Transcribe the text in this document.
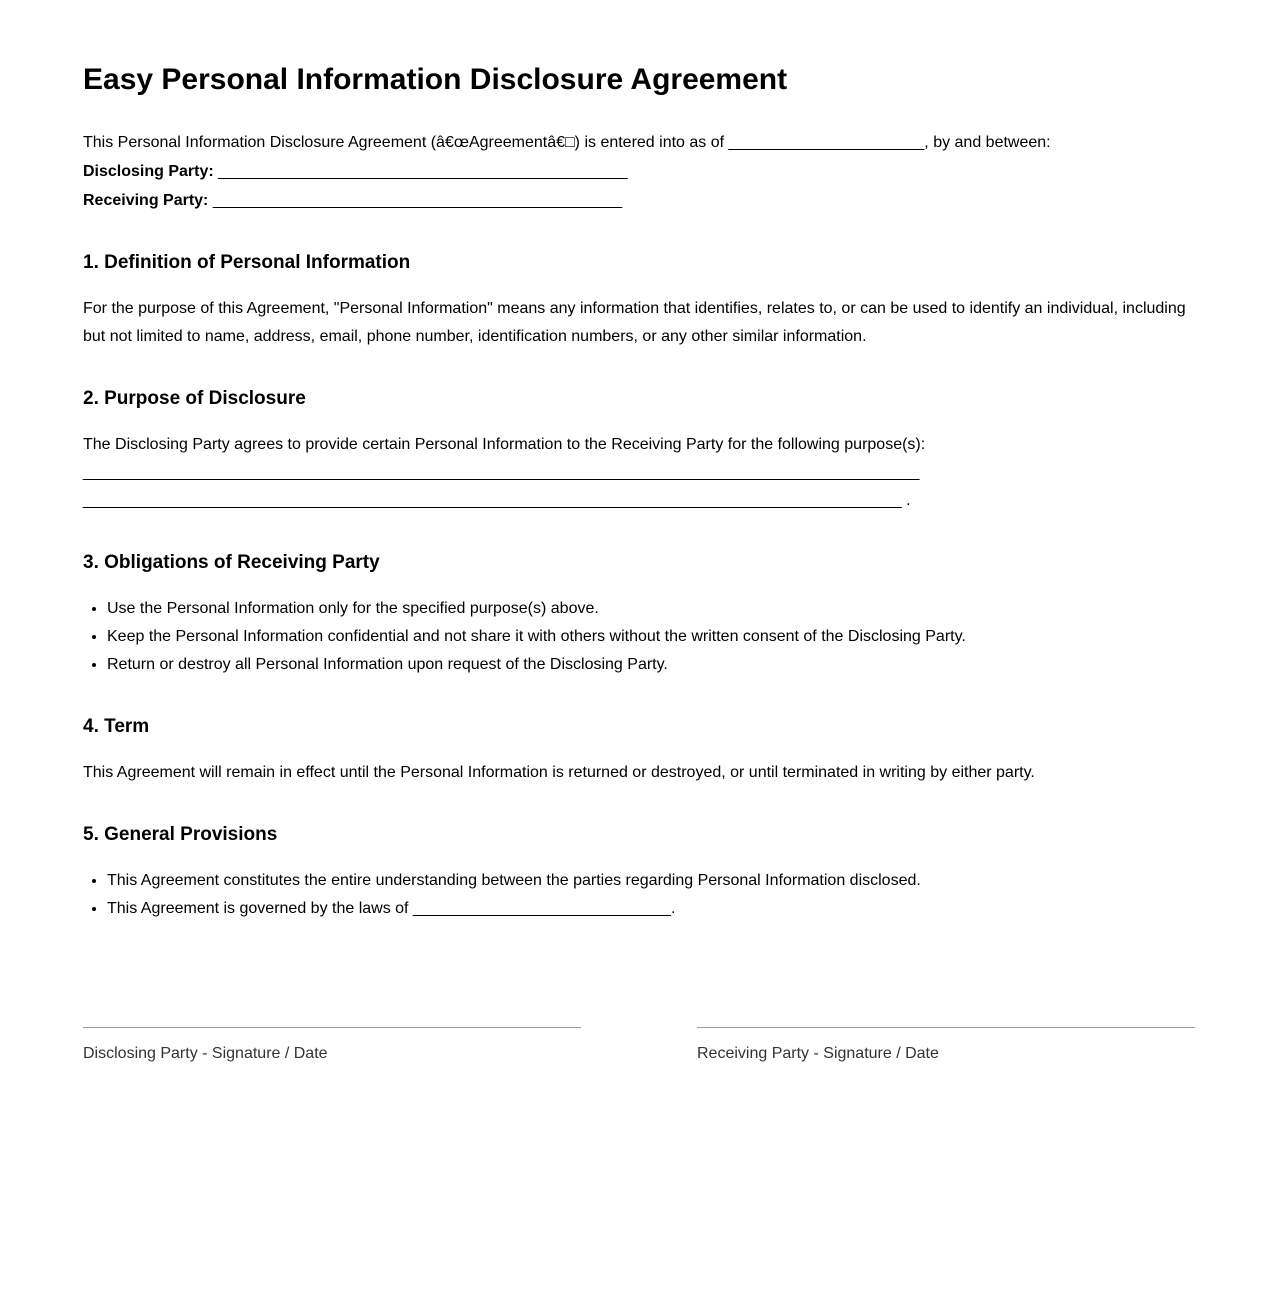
Easy Personal Information Disclosure Agreement

This Personal Information Disclosure Agreement (â€œAgreementâ€□) is entered into as of ______________________, by and between:

Disclosing Party: ______________________________________________

Receiving Party: ______________________________________________

1. Definition of Personal Information

For the purpose of this Agreement, "Personal Information" means any information that identifies, relates to, or can be used to identify an individual, including but not limited to name, address, email, phone number, identification numbers, or any other similar information.

2. Purpose of Disclosure

The Disclosing Party agrees to provide certain Personal Information to the Receiving Party for the following purpose(s):

______________________________________________________________________________________________
____________________________________________________________________________________________ .

3. Obligations of Receiving Party
• Use the Personal Information only for the specified purpose(s) above.
• Keep the Personal Information confidential and not share it with others without the written consent of the Disclosing Party.
• Return or destroy all Personal Information upon request of the Disclosing Party.
4. Term

This Agreement will remain in effect until the Personal Information is returned or destroyed, or until terminated in writing by either party.

5. General Provisions
• This Agreement constitutes the entire understanding between the parties regarding Personal Information disclosed.
• This Agreement is governed by the laws of _____________________________.
Disclosing Party - Signature / Date	Receiving Party - Signature / Date
